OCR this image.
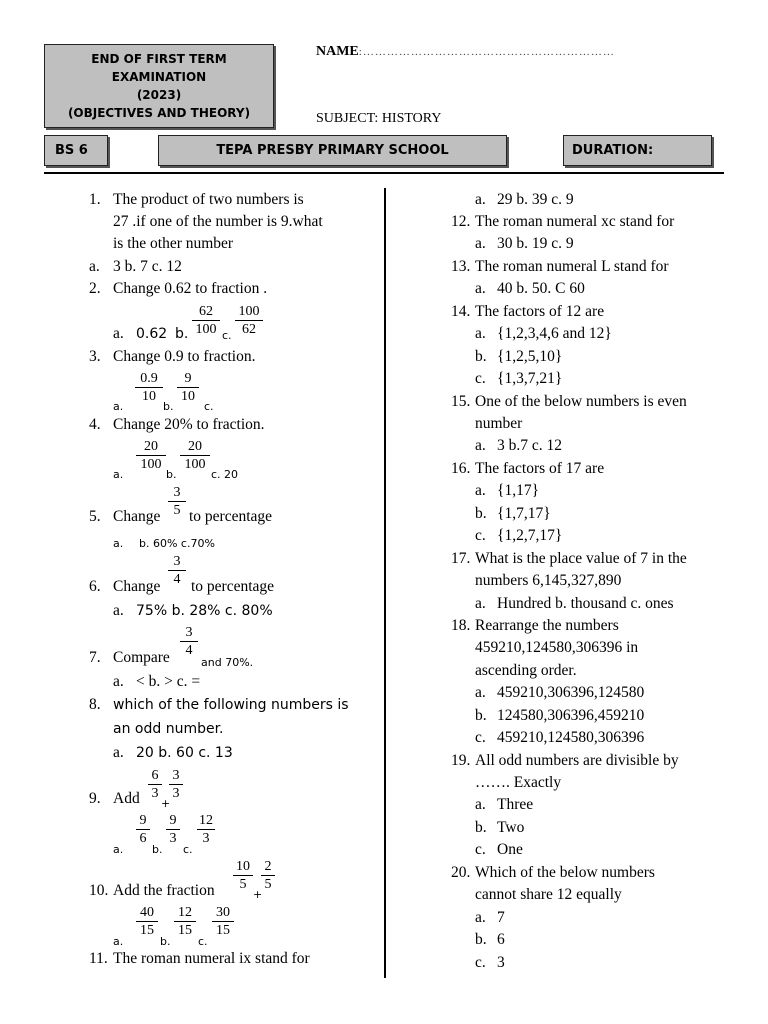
END OF FIRST TERM
EXAMINATION
(2023)
(OBJECTIVES AND THEORY)
NAME:………………………………………………………
SUBJECT: HISTORY
BS 6	TEPA PRESBY PRIMARY SCHOOL	DURATION:
1. The product of two numbers is
27 .if one of the number is 9.what
is the other number
a. 3 b. 7 c. 12
2. Change 0.62 to fraction .
a. 0.62 b.
62
100 c.
100
62
3. Change 0.9 to fraction.
a.
0.9
10
b.
9
10
c.
4. Change 20% to fraction.
a.
20
100
b.
20
100
c. 20
3
5
5. Change to percentage
a. b. 60% c.70%
3
4
6. Change to percentage
a. 75% b. 28% c. 80%
3
4
7. Compare	and 70%.
a. < b. > c. =
8. which of the following numbers is
an odd number.
a. 20 b. 60 c. 13
6
3
+
3
3
9. Add
a.
9
6
b.
9
3
c.
12
3
10
5
+
2
5
10. Add the fraction
a.
40
15
b.
12
15
c.
30
15
11. The roman numeral ix stand for
a. 29 b. 39 c. 9
12. The roman numeral xc stand for
a. 30 b. 19 c. 9
13. The roman numeral L stand for
a. 40 b. 50. C 60
14. The factors of 12 are
a. {1,2,3,4,6 and 12}
b. {1,2,5,10}
c. {1,3,7,21}
15. One of the below numbers is even
number
a. 3 b.7 c. 12
16. The factors of 17 are
a. {1,17}
b. {1,7,17}
c. {1,2,7,17}
17. What is the place value of 7 in the
numbers 6,145,327,890
a. Hundred b. thousand c. ones
18. Rearrange the numbers
459210,124580,306396 in
ascending order.
a. 459210,306396,124580
b. 124580,306396,459210
c. 459210,124580,306396
19. All odd numbers are divisible by
……. Exactly
a. Three
b. Two
c. One
20. Which of the below numbers
cannot share 12 equally
a. 7
b. 6
c. 3
